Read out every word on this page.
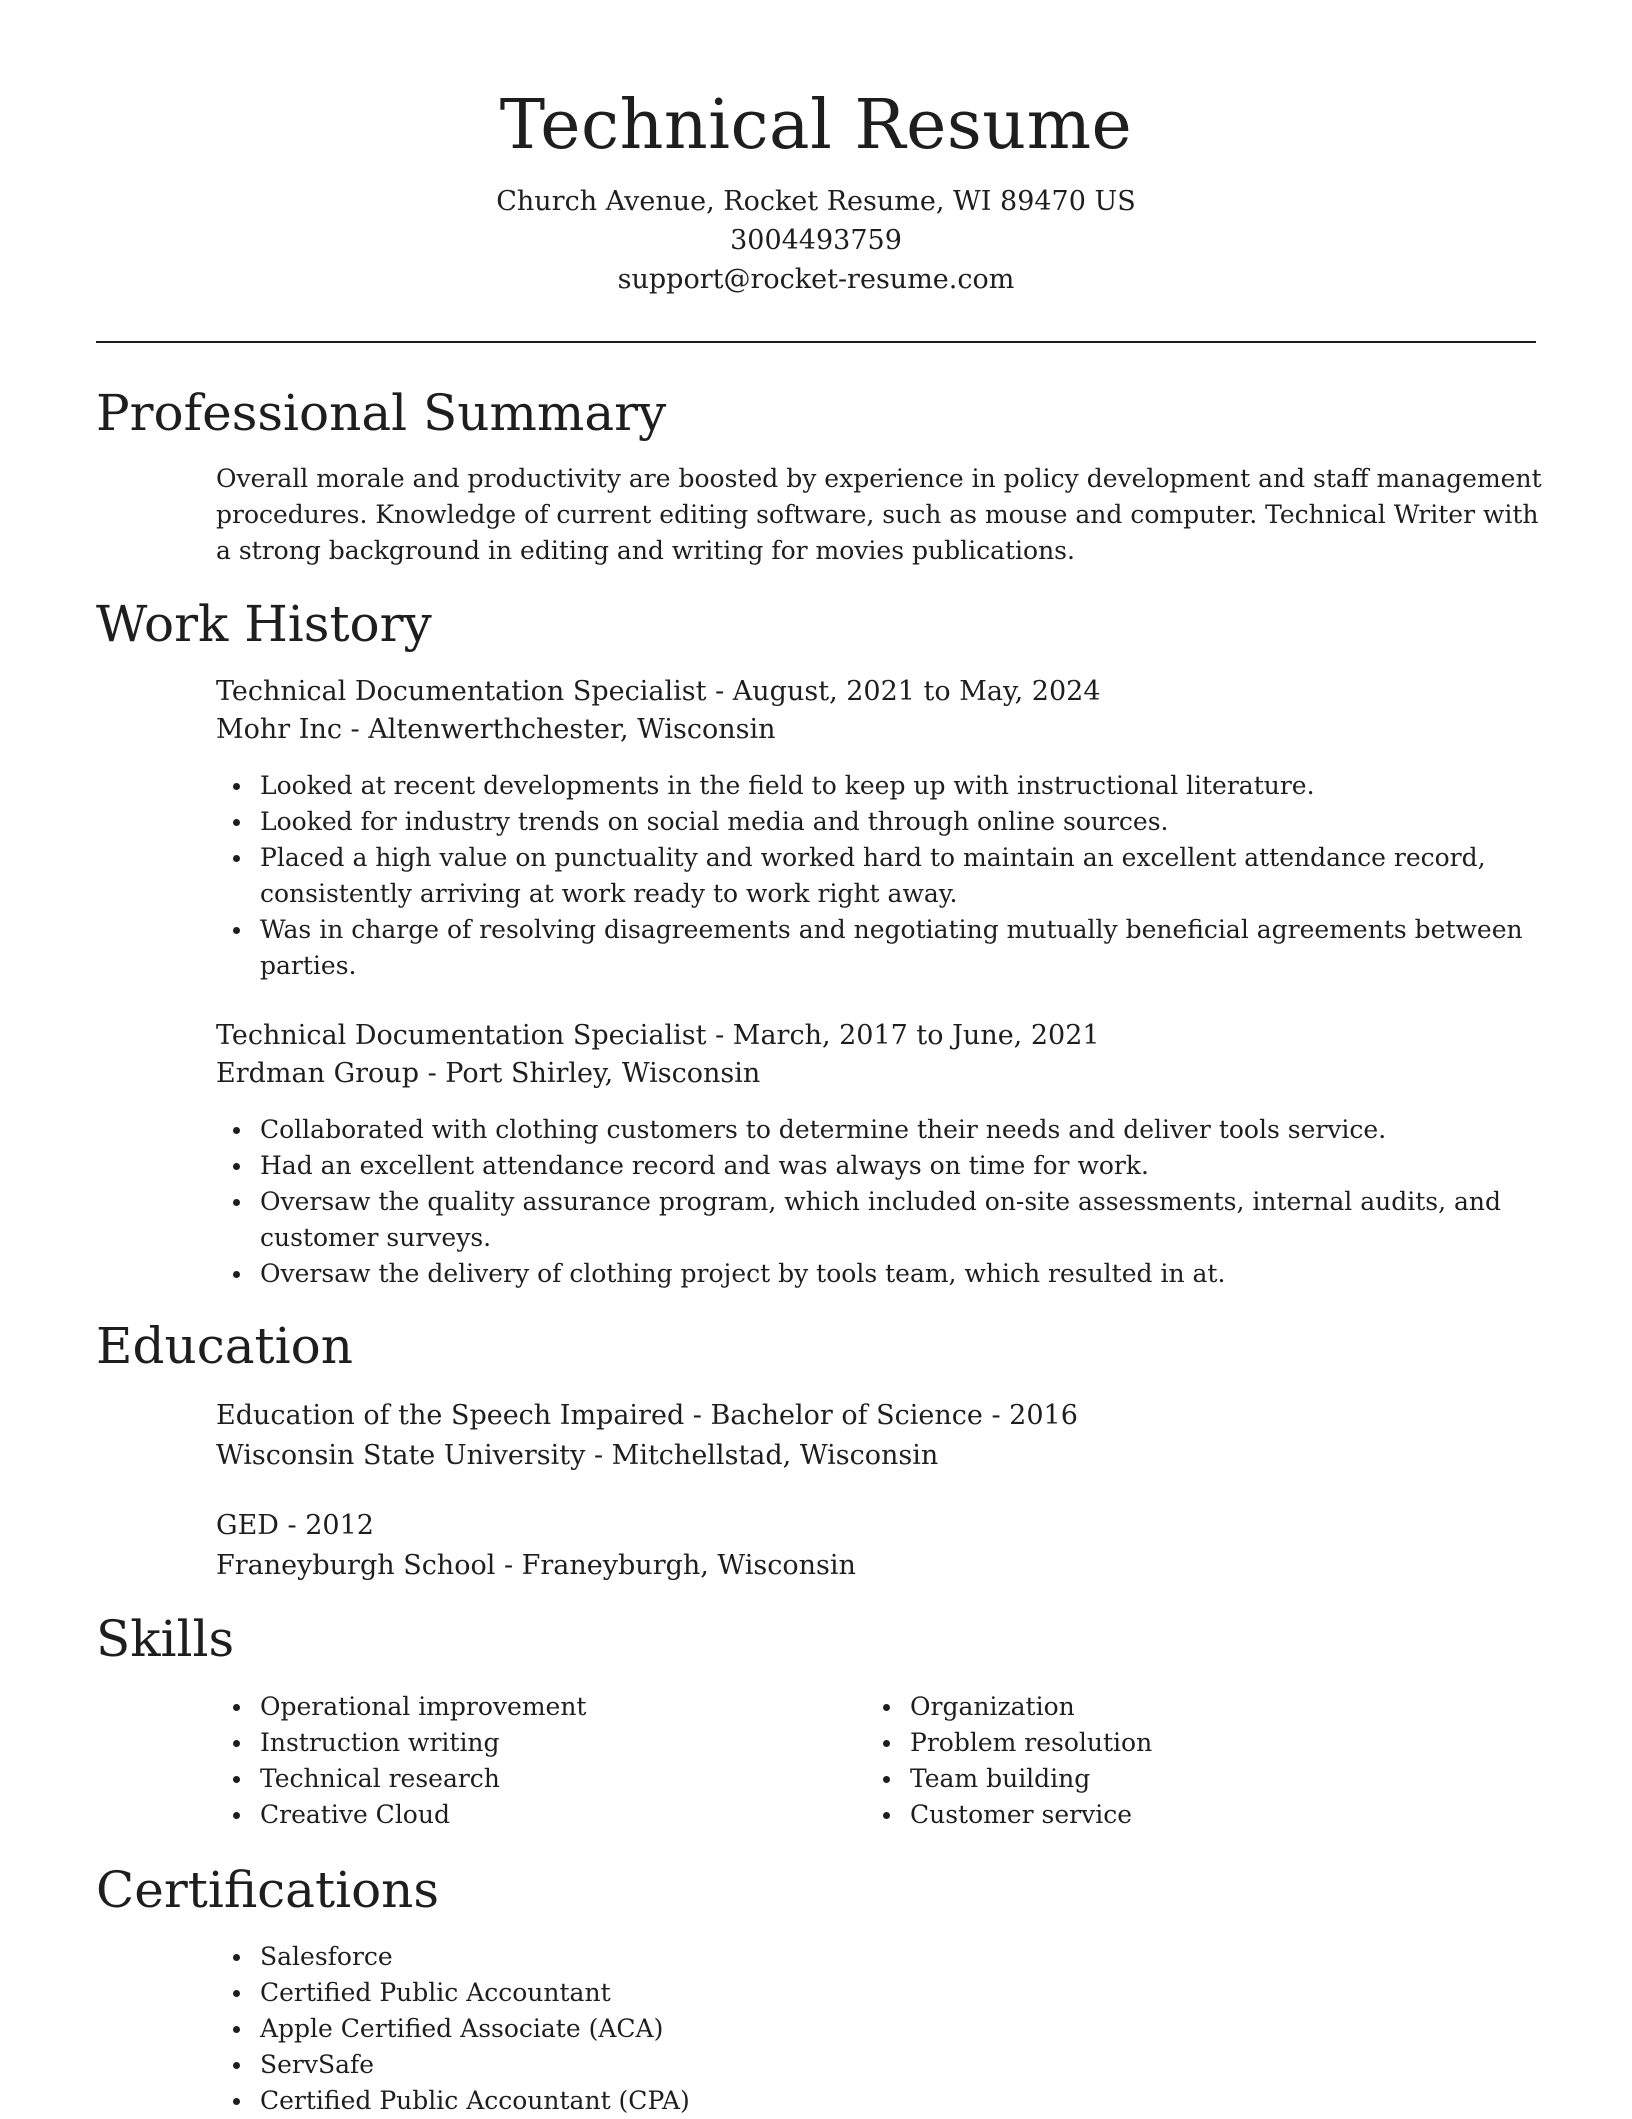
Technical Resume
Church Avenue, Rocket Resume, WI 89470 US
3004493759
support@rocket-resume.com
Professional Summary
Overall morale and productivity are boosted by experience in policy development and staff management procedures. Knowledge of current editing software, such as mouse and computer. Technical Writer with a strong background in editing and writing for movies publications.
Work History
Technical Documentation Specialist - August, 2021 to May, 2024
Mohr Inc - Altenwerthchester, Wisconsin
Looked at recent developments in the field to keep up with instructional literature.
Looked for industry trends on social media and through online sources.
Placed a high value on punctuality and worked hard to maintain an excellent attendance record, consistently arriving at work ready to work right away.
Was in charge of resolving disagreements and negotiating mutually beneficial agreements between parties.
Technical Documentation Specialist - March, 2017 to June, 2021
Erdman Group - Port Shirley, Wisconsin
Collaborated with clothing customers to determine their needs and deliver tools service.
Had an excellent attendance record and was always on time for work.
Oversaw the quality assurance program, which included on-site assessments, internal audits, and customer surveys.
Oversaw the delivery of clothing project by tools team, which resulted in at.
Education
Education of the Speech Impaired - Bachelor of Science - 2016
Wisconsin State University - Mitchellstad, Wisconsin
GED - 2012
Franeyburgh School - Franeyburgh, Wisconsin
Skills
Operational improvement
Instruction writing
Technical research
Creative Cloud
Organization
Problem resolution
Team building
Customer service
Certifications
Salesforce
Certified Public Accountant
Apple Certified Associate (ACA)
ServSafe
Certified Public Accountant (CPA)
